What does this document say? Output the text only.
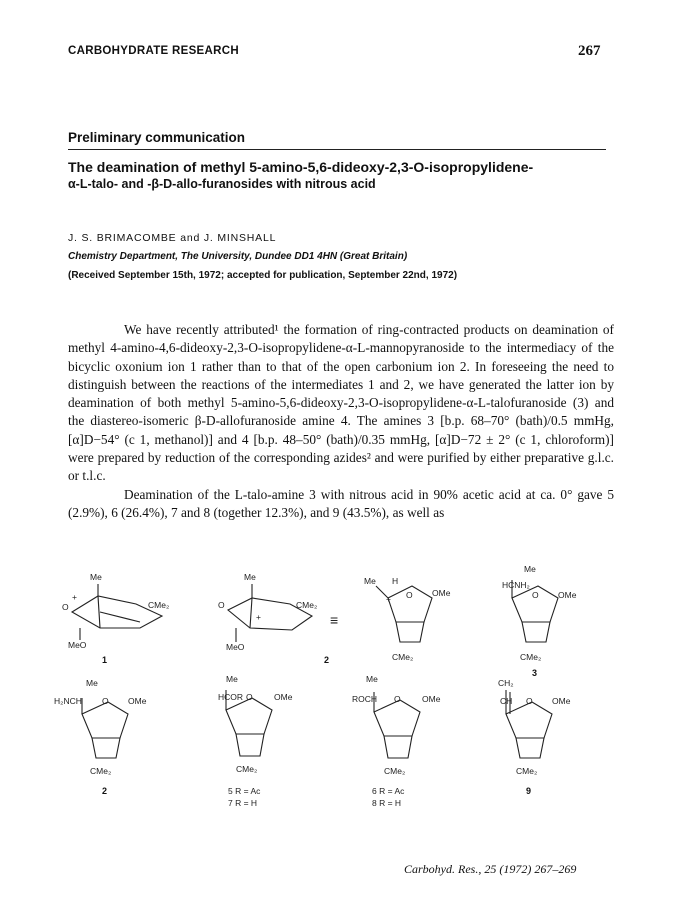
CARBOHYDRATE RESEARCH	267
Preliminary communication
The deamination of methyl 5-amino-5,6-dideoxy-2,3-O-isopropylidene-
α-L-talo- and -β-D-allo-furanosides with nitrous acid
J. S. BRIMACOMBE and J. MINSHALL
Chemistry Department, The University, Dundee DD1 4HN (Great Britain)
(Received September 15th, 1972; accepted for publication, September 22nd, 1972)

We have recently attributed¹ the formation of ring-contracted products on deamination of methyl 4-amino-4,6-dideoxy-2,3-O-isopropylidene-α-L-mannopyranoside to the intermediacy of the bicyclic oxonium ion 1 rather than to that of the open carbonium ion 2. In foreseeing the need to distinguish between the reactions of the intermediates 1 and 2, we have generated the latter ion by deamination of both methyl 5-amino-5,6-dideoxy-2,3-O-isopropylidene-α-L-talofuranoside (3) and the diastereo-isomeric β-D-allofuranoside amine 4. The amines 3 [b.p. 68–70° (bath)/0.5 mmHg, [α]D−54° (c 1, methanol)] and 4 [b.p. 48–50° (bath)/0.35 mmHg, [α]D−72 ± 2° (c 1, chloroform)] were prepared by reduction of the corresponding azides² and were purified by either preparative g.l.c. or t.l.c.

Deamination of the L-talo-amine 3 with nitrous acid in 90% acetic acid at ca. 0° gave 5 (2.9%), 6 (26.4%), 7 and 8 (together 12.3%), and 9 (43.5%), as well as

Me
O	CMe₂
MeO
+
1
Me
O	CMe₂
MeO
+	≡
Me H
+ O OMe
CMe₂
2
Me
HCNH₂
O OMe
CMe₂
3
Me
H₂NCH O OMe
CMe₂
2
Me
HCOR O	OMe
CMe₂
5 R = Ac
7 R = H
Me
ROCH O	OMe
CMe₂
6 R = Ac
8 R = H
CH₂
CH O OMe
CMe₂
9
Carbohyd. Res., 25 (1972) 267–269
